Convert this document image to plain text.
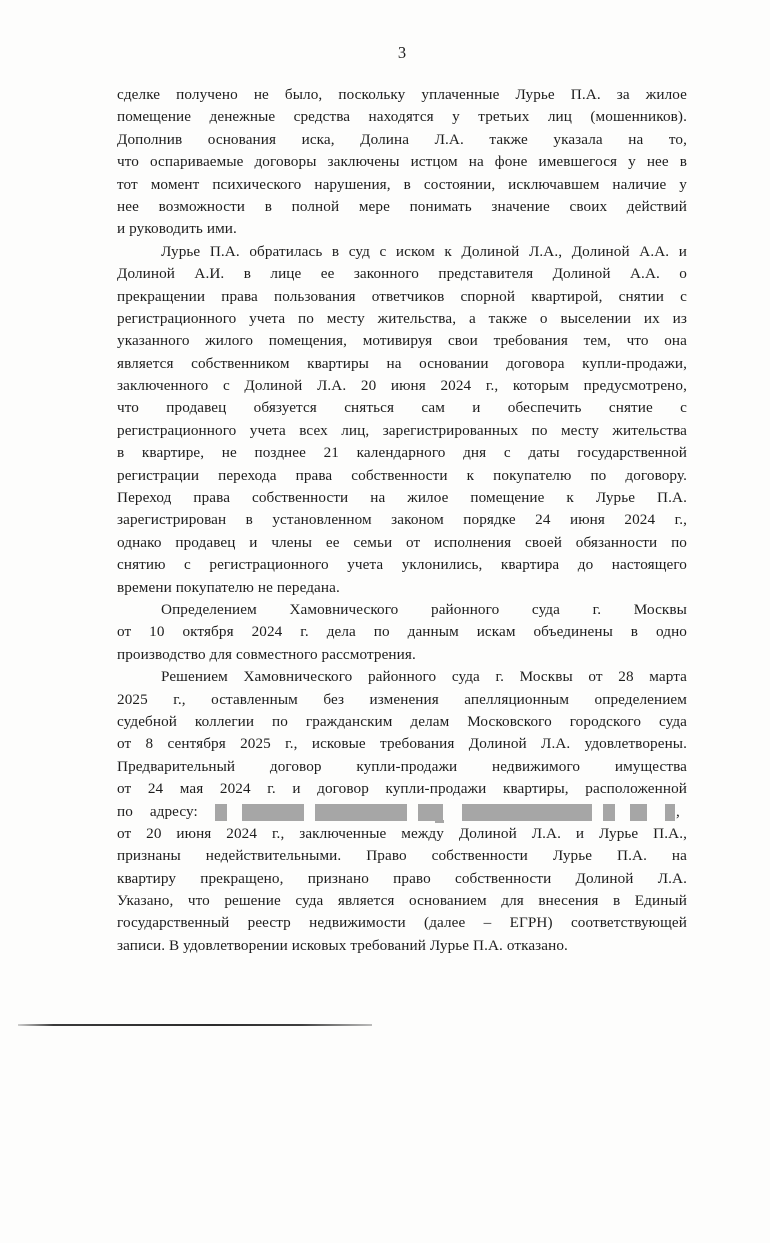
3
сделке получено не было, поскольку уплаченные Лурье П.А. за жилое
помещение денежные средства находятся у третьих лиц (мошенников).
Дополнив основания иска, Долина Л.А. также указала на то,
что оспариваемые договоры заключены истцом на фоне имевшегося у нее в
тот момент психического нарушения, в состоянии, исключавшем наличие у
нее возможности в полной мере понимать значение своих действий
и руководить ими.
Лурье П.А. обратилась в суд с иском к Долиной Л.А., Долиной А.А. и
Долиной А.И. в лице ее законного представителя Долиной А.А. о
прекращении права пользования ответчиков спорной квартирой, снятии с
регистрационного учета по месту жительства, а также о выселении их из
указанного жилого помещения, мотивируя свои требования тем, что она
является собственником квартиры на основании договора купли-продажи,
заключенного с Долиной Л.А. 20 июня 2024 г., которым предусмотрено,
что продавец обязуется сняться сам и обеспечить снятие с
регистрационного учета всех лиц, зарегистрированных по месту жительства
в квартире, не позднее 21 календарного дня с даты государственной
регистрации перехода права собственности к покупателю по договору.
Переход права собственности на жилое помещение к Лурье П.А.
зарегистрирован в установленном законом порядке 24 июня 2024 г.,
однако продавец и члены ее семьи от исполнения своей обязанности по
снятию с регистрационного учета уклонились, квартира до настоящего
времени покупателю не передана.
Определением Хамовнического районного суда г. Москвы
от 10 октября 2024 г. дела по данным искам объединены в одно
производство для совместного рассмотрения.
Решением Хамовнического районного суда г. Москвы от 28 марта
2025 г., оставленным без изменения апелляционным определением
судебной коллегии по гражданским делам Московского городского суда
от 8 сентября 2025 г., исковые требования Долиной Л.А. удовлетворены.
Предварительный договор купли-продажи недвижимого имущества
от 24 мая 2024 г. и договор купли-продажи квартиры, расположенной
по адресу:	,
от 20 июня 2024 г., заключенные между Долиной Л.А. и Лурье П.А.,
признаны недействительными. Право собственности Лурье П.А. на
квартиру прекращено, признано право собственности Долиной Л.А.
Указано, что решение суда является основанием для внесения в Единый
государственный реестр недвижимости (далее – ЕГРН) соответствующей
записи. В удовлетворении исковых требований Лурье П.А. отказано.
